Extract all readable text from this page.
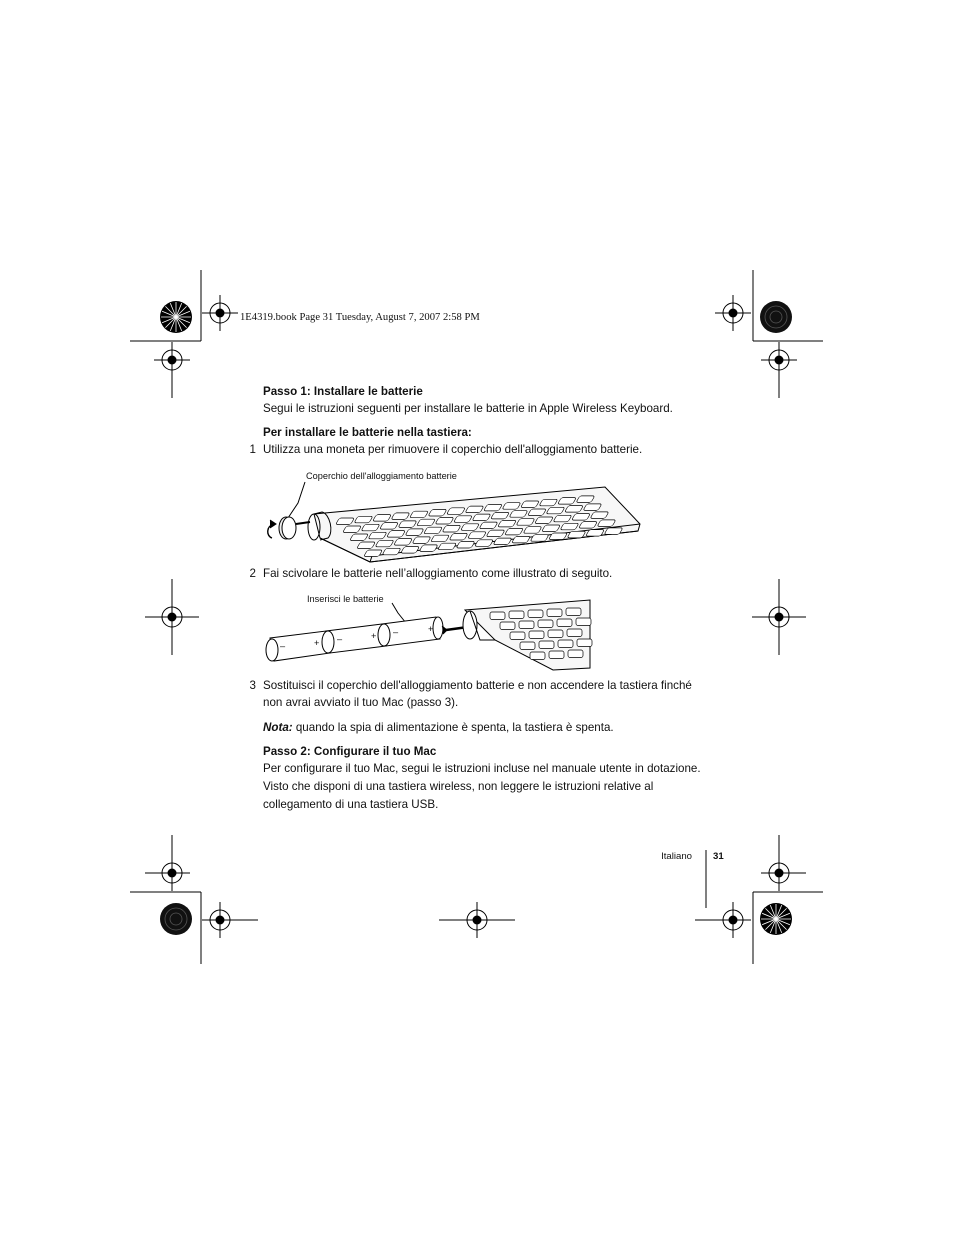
1E4319.book Page 31 Tuesday, August 7, 2007 2:58 PM
Passo 1: Installare le batterie
Segui le istruzioni seguenti per installare le batterie in Apple Wireless Keyboard.
Per installare le batterie nella tastiera:
1 Utilizza una moneta per rimuovere il coperchio dell'alloggiamento batterie.
Coperchio dell'alloggiamento batterie
2 Fai scivolare le batterie nell’alloggiamento come illustrato di seguito.
Inserisci le batterie
–	+ –	+ –	+
3 Sostituisci il coperchio dell'alloggiamento batterie e non accendere la tastiera finché
non avrai avviato il tuo Mac (passo 3).
Nota: quando la spia di alimentazione è spenta, la tastiera è spenta.
Passo 2: Configurare il tuo Mac
Per configurare il tuo Mac, segui le istruzioni incluse nel manuale utente in dotazione.
Visto che disponi di una tastiera wireless, non leggere le istruzioni relative al
collegamento di una tastiera USB.
Italiano 31
